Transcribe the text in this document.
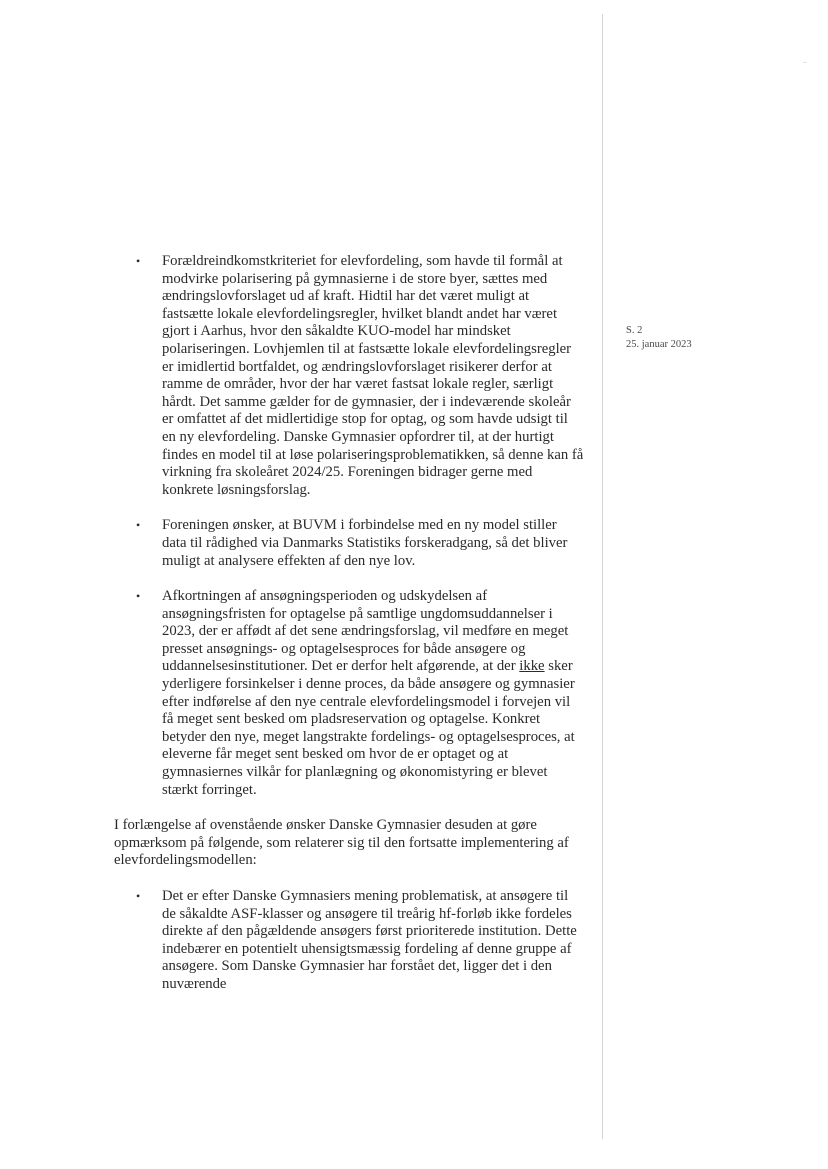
S. 2
25. januar 2023
• Forældreindkomstkriteriet for elevfordeling, som havde til formål at modvirke polarisering på gymnasierne i de store byer, sættes med ændringslovforslaget ud af kraft. Hidtil har det været muligt at fastsætte lokale elevfordelingsregler, hvilket blandt andet har været gjort i Aarhus, hvor den såkaldte KUO-model har mindsket polariseringen. Lovhjemlen til at fastsætte lokale elevfordelingsregler er imidlertid bortfaldet, og ændringslovforslaget risikerer derfor at ramme de områder, hvor der har været fastsat lokale regler, særligt hårdt. Det samme gælder for de gymnasier, der i indeværende skoleår er omfattet af det midlertidige stop for optag, og som havde udsigt til en ny elevfordeling. Danske Gymnasier opfordrer til, at der hurtigt findes en model til at løse polariseringsproblematikken, så denne kan få virkning fra skoleåret 2024/25. Foreningen bidrager gerne med konkrete løsningsforslag.
• Foreningen ønsker, at BUVM i forbindelse med en ny model stiller data til rådighed via Danmarks Statistiks forskeradgang, så det bliver muligt at analysere effekten af den nye lov.
• Afkortningen af ansøgningsperioden og udskydelsen af ansøgningsfristen for optagelse på samtlige ungdomsuddannelser i 2023, der er affødt af det sene ændringsforslag, vil medføre en meget presset ansøgnings- og optagelsesproces for både ansøgere og uddannelsesinstitutioner. Det er derfor helt afgørende, at der ikke sker yderligere forsinkelser i denne proces, da både ansøgere og gymnasier efter indførelse af den nye centrale elevfordelingsmodel i forvejen vil få meget sent besked om pladsreservation og optagelse. Konkret betyder den nye, meget langstrakte fordelings- og optagelsesproces, at eleverne får meget sent besked om hvor de er optaget og at gymnasiernes vilkår for planlægning og økonomistyring er blevet stærkt forringet.

I forlængelse af ovenstående ønsker Danske Gymnasier desuden at gøre opmærksom på følgende, som relaterer sig til den fortsatte implementering af elevfordelingsmodellen:

• Det er efter Danske Gymnasiers mening problematisk, at ansøgere til de såkaldte ASF-klasser og ansøgere til treårig hf-forløb ikke fordeles direkte af den pågældende ansøgers først prioriterede institution. Dette indebærer en potentielt uhensigtsmæssig fordeling af denne gruppe af ansøgere. Som Danske Gymnasier har forstået det, ligger det i den nuværende
